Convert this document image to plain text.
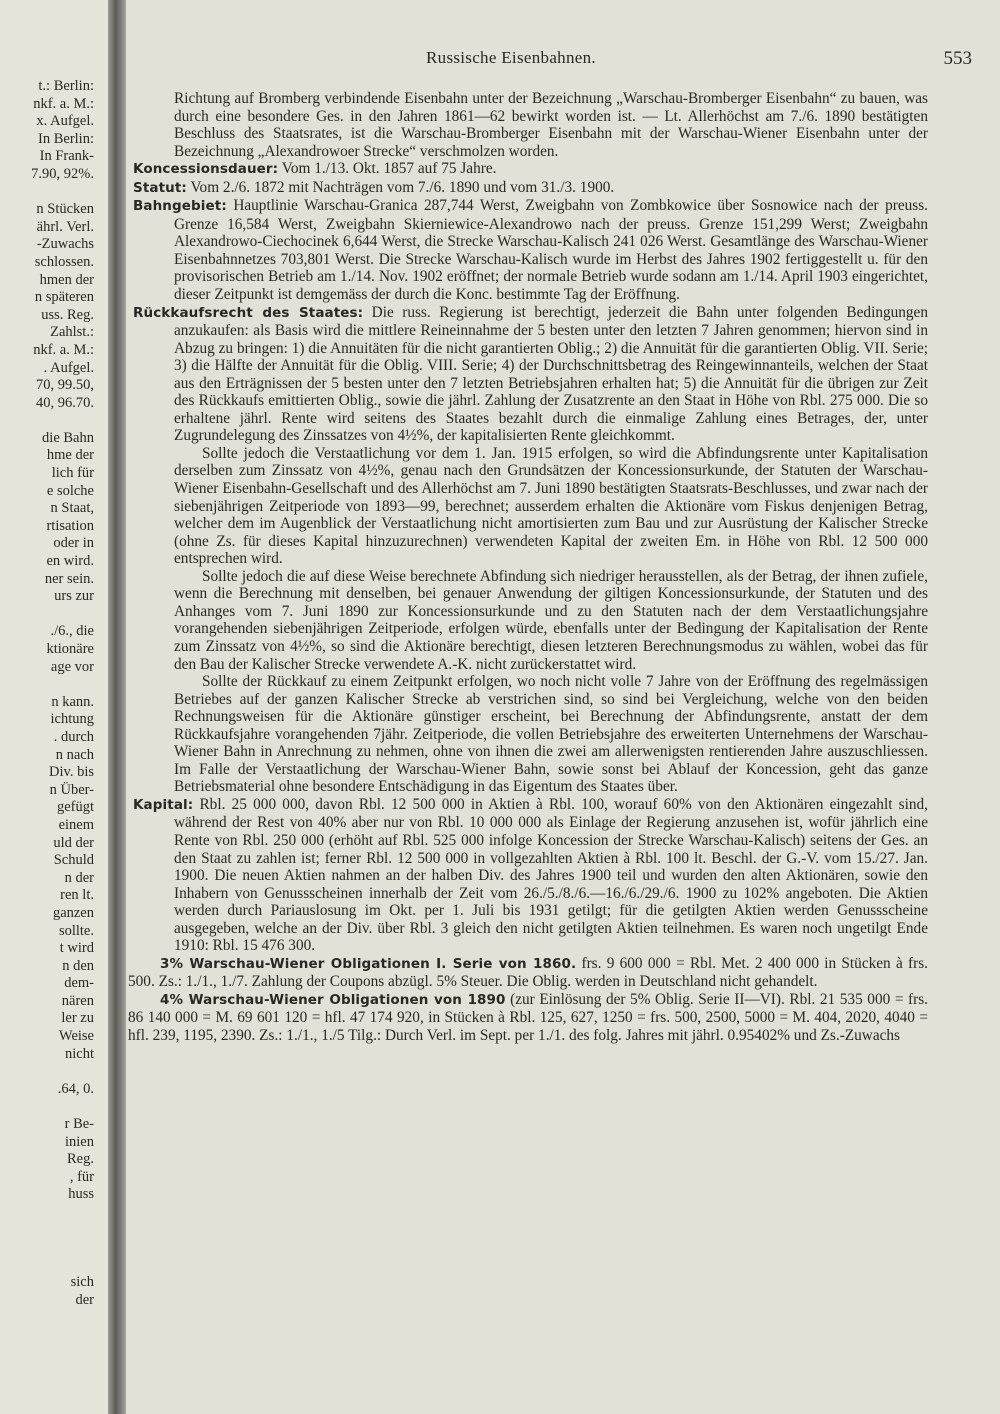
t.: Berlin:
nkf. a. M.:
x. Aufgel.
In Berlin:
In Frank-
7.90, 92%.
n Stücken
ährl. Verl.
-Zuwachs
schlossen.
hmen der
n späteren
uss. Reg.
Zahlst.:
nkf. a. M.:
. Aufgel.
70, 99.50,
40, 96.70.
die Bahn
hme der
lich für
e solche
n Staat,
rtisation
oder in
en wird.
ner sein.
urs zur
./6., die
ktionäre
age vor
n kann.
ichtung
. durch
n nach
Div. bis
n Über-
gefügt
einem
uld der
Schuld
n der
ren lt.
ganzen
sollte.
t wird
n den
dem-
nären
ler zu
Weise
nicht
.64, 0.
r Be-
inien
Reg.
, für
huss
sich
der
Russische Eisenbahnen.	553

Richtung auf Bromberg verbindende Eisenbahn unter der Bezeichnung „Warschau-Bromberger Eisenbahn“ zu bauen, was durch eine besondere Ges. in den Jahren 1861—62 bewirkt worden ist. — Lt. Allerhöchst am 7./6. 1890 bestätigten Beschluss des Staatsrates, ist die Warschau-Bromberger Eisenbahn mit der Warschau-Wiener Eisenbahn unter der Bezeichnung „Alexandrowoer Strecke“ verschmolzen worden.

Koncessionsdauer: Vom 1./13. Okt. 1857 auf 75 Jahre.

Statut: Vom 2./6. 1872 mit Nachträgen vom 7./6. 1890 und vom 31./3. 1900.

Bahngebiet: Hauptlinie Warschau-Granica 287,744 Werst, Zweigbahn von Zombkowice über Sosnowice nach der preuss. Grenze 16,584 Werst, Zweigbahn Skierniewice-Alexandrowo nach der preuss. Grenze 151,299 Werst; Zweigbahn Alexandrowo-Ciechocinek 6,644 Werst, die Strecke Warschau-Kalisch 241 026 Werst. Gesamtlänge des Warschau-Wiener Eisenbahnnetzes 703,801 Werst. Die Strecke Warschau-Kalisch wurde im Herbst des Jahres 1902 fertiggestellt u. für den provisorischen Betrieb am 1./14. Nov. 1902 eröffnet; der normale Betrieb wurde sodann am 1./14. April 1903 eingerichtet, dieser Zeitpunkt ist demgemäss der durch die Konc. bestimmte Tag der Eröffnung.

Rückkaufsrecht des Staates: Die russ. Regierung ist berechtigt, jederzeit die Bahn unter folgenden Bedingungen anzukaufen: als Basis wird die mittlere Reineinnahme der 5 besten unter den letzten 7 Jahren genommen; hiervon sind in Abzug zu bringen: 1) die Annuitäten für die nicht garantierten Oblig.; 2) die Annuität für die garantierten Oblig. VII. Serie; 3) die Hälfte der Annuität für die Oblig. VIII. Serie; 4) der Durchschnittsbetrag des Reingewinnanteils, welchen der Staat aus den Erträgnissen der 5 besten unter den 7 letzten Betriebsjahren erhalten hat; 5) die Annuität für die übrigen zur Zeit des Rückkaufs emittierten Oblig., sowie die jährl. Zahlung der Zusatzrente an den Staat in Höhe von Rbl. 275 000. Die so erhaltene jährl. Rente wird seitens des Staates bezahlt durch die einmalige Zahlung eines Betrages, der, unter Zugrundelegung des Zinssatzes von 4½%, der kapitalisierten Rente gleichkommt.

Sollte jedoch die Verstaatlichung vor dem 1. Jan. 1915 erfolgen, so wird die Abfindungsrente unter Kapitalisation derselben zum Zinssatz von 4½%, genau nach den Grundsätzen der Koncessionsurkunde, der Statuten der Warschau-Wiener Eisenbahn-Gesellschaft und des Allerhöchst am 7. Juni 1890 bestätigten Staatsrats-Beschlusses, und zwar nach der siebenjährigen Zeitperiode von 1893—99, berechnet; ausserdem erhalten die Aktionäre vom Fiskus denjenigen Betrag, welcher dem im Augenblick der Verstaatlichung nicht amortisierten zum Bau und zur Ausrüstung der Kalischer Strecke (ohne Zs. für dieses Kapital hinzuzurechnen) verwendeten Kapital der zweiten Em. in Höhe von Rbl. 12 500 000 entsprechen wird.

Sollte jedoch die auf diese Weise berechnete Abfindung sich niedriger herausstellen, als der Betrag, der ihnen zufiele, wenn die Berechnung mit denselben, bei genauer Anwendung der giltigen Koncessionsurkunde, der Statuten und des Anhanges vom 7. Juni 1890 zur Koncessionsurkunde und zu den Statuten nach der dem Verstaatlichungsjahre vorangehenden siebenjährigen Zeitperiode, erfolgen würde, ebenfalls unter der Bedingung der Kapitalisation der Rente zum Zinssatz von 4½%, so sind die Aktionäre berechtigt, diesen letzteren Berechnungsmodus zu wählen, wobei das für den Bau der Kalischer Strecke verwendete A.-K. nicht zurückerstattet wird.

Sollte der Rückkauf zu einem Zeitpunkt erfolgen, wo noch nicht volle 7 Jahre von der Eröffnung des regelmässigen Betriebes auf der ganzen Kalischer Strecke ab verstrichen sind, so sind bei Vergleichung, welche von den beiden Rechnungsweisen für die Aktionäre günstiger erscheint, bei Berechnung der Abfindungsrente, anstatt der dem Rückkaufsjahre vorangehenden 7jähr. Zeitperiode, die vollen Betriebsjahre des erweiterten Unternehmens der Warschau-Wiener Bahn in Anrechnung zu nehmen, ohne von ihnen die zwei am allerwenigsten rentierenden Jahre auszuschliessen. Im Falle der Verstaatlichung der Warschau-Wiener Bahn, sowie sonst bei Ablauf der Koncession, geht das ganze Betriebsmaterial ohne besondere Entschädigung in das Eigentum des Staates über.

Kapital: Rbl. 25 000 000, davon Rbl. 12 500 000 in Aktien à Rbl. 100, worauf 60% von den Aktionären eingezahlt sind, während der Rest von 40% aber nur von Rbl. 10 000 000 als Einlage der Regierung anzusehen ist, wofür jährlich eine Rente von Rbl. 250 000 (erhöht auf Rbl. 525 000 infolge Koncession der Strecke Warschau-Kalisch) seitens der Ges. an den Staat zu zahlen ist; ferner Rbl. 12 500 000 in vollgezahlten Aktien à Rbl. 100 lt. Beschl. der G.-V. vom 15./27. Jan. 1900. Die neuen Aktien nahmen an der halben Div. des Jahres 1900 teil und wurden den alten Aktionären, sowie den Inhabern von Genussscheinen innerhalb der Zeit vom 26./5./8./6.—16./6./29./6. 1900 zu 102% angeboten. Die Aktien werden durch Pariauslosung im Okt. per 1. Juli bis 1931 getilgt; für die getilgten Aktien werden Genussscheine ausgegeben, welche an der Div. über Rbl. 3 gleich den nicht getilgten Aktien teilnehmen. Es waren noch ungetilgt Ende 1910: Rbl. 15 476 300.

3% Warschau-Wiener Obligationen I. Serie von 1860. frs. 9 600 000 = Rbl. Met. 2 400 000 in Stücken à frs. 500. Zs.: 1./1., 1./7. Zahlung der Coupons abzügl. 5% Steuer. Die Oblig. werden in Deutschland nicht gehandelt.

4% Warschau-Wiener Obligationen von 1890 (zur Einlösung der 5% Oblig. Serie II—VI). Rbl. 21 535 000 = frs. 86 140 000 = M. 69 601 120 = hfl. 47 174 920, in Stücken à Rbl. 125, 627, 1250 = frs. 500, 2500, 5000 = M. 404, 2020, 4040 = hfl. 239, 1195, 2390. Zs.: 1./1., 1./5 Tilg.: Durch Verl. im Sept. per 1./1. des folg. Jahres mit jährl. 0.95402% und Zs.-Zuwachs
